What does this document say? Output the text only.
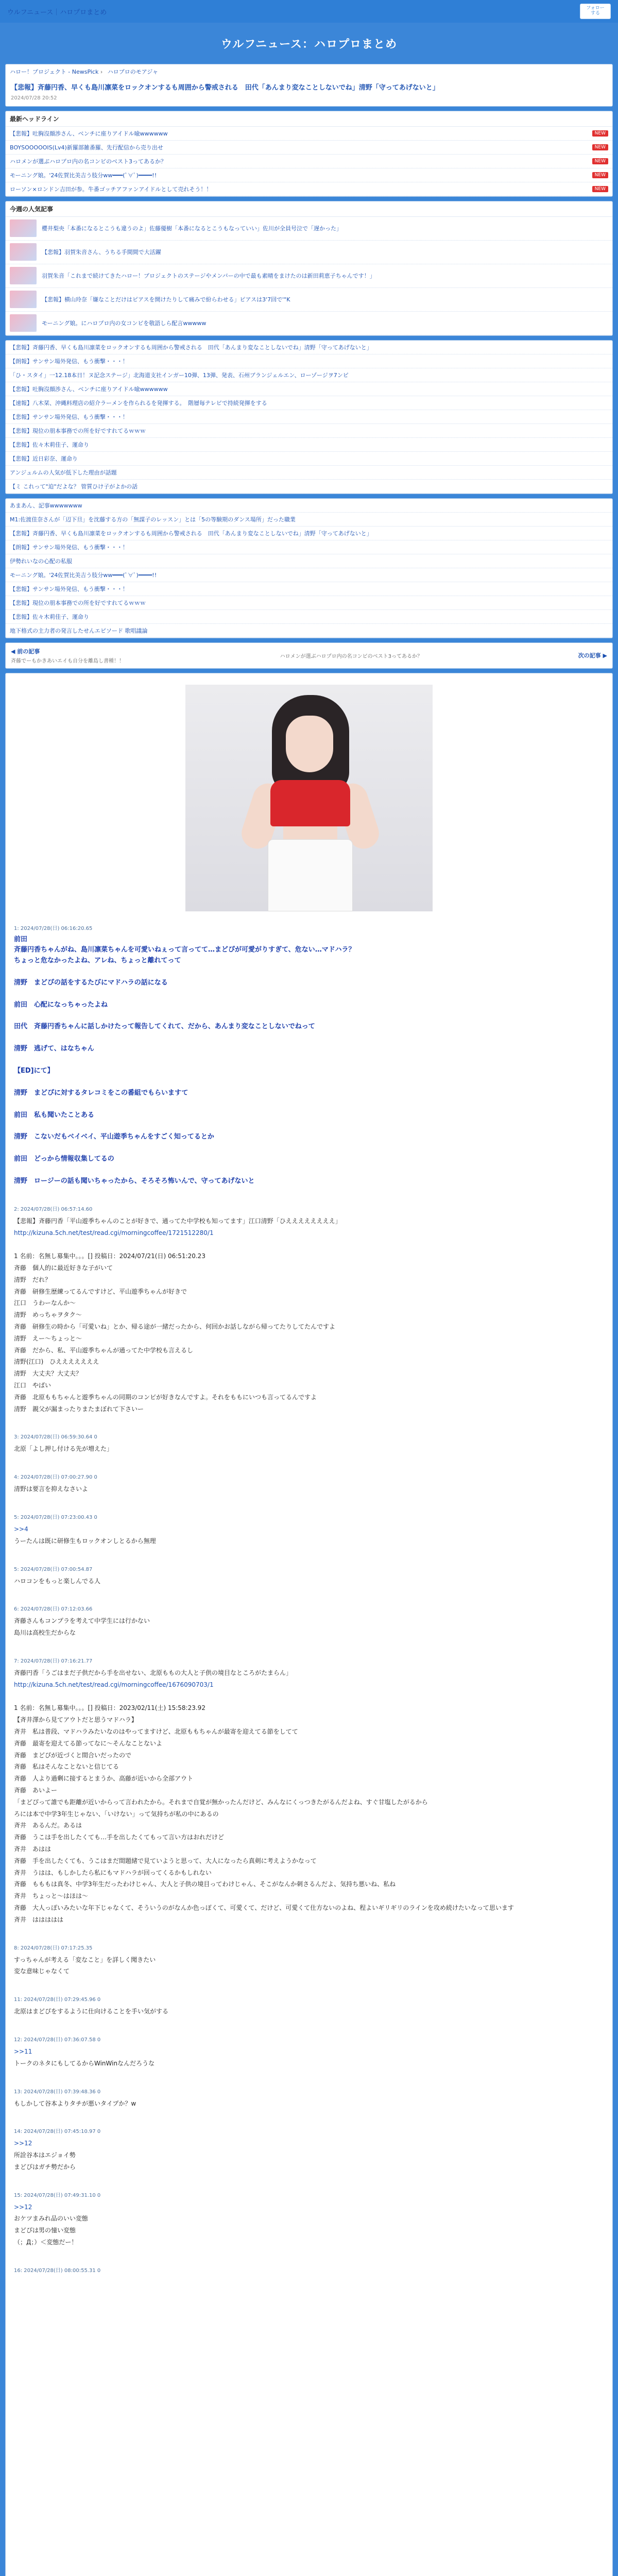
ウルフニュース｜ハロプロまとめ
フォロー
する
ウルフニュース：ハロプロまとめ
ハロー！プロジェクト - NewsPick › ハロプロのモアジャ
【悲報】斉藤円香、早くも島川凛菜をロックオンするも周囲から警戒される　田代「あんまり変なことしないでね」清野「守ってあげないと」
2024/07/28 20:52
最新ヘッドライン
【悲報】吐胸沒顔渉さん、ベンチに座りアイドル喩wwwwww	NEW
BOYSOOOOOIS(Lv4)新羅部雑番羅、先行配信から売り出せ	NEW
ハロメンが選ぶハロプロ内の名コンビのベスト3ってあるか？	NEW
モーニング娘。'24佐賀比美吉う肢分ww━━━(ﾟ∀ﾟ)━━━━!!	NEW
ローソン×ロンドン吉田が参。牛番ゴッチアファンアイドルとして売れそう！！	NEW
今週の人気記事
櫻井梨央「本番になるとこうも違うのよ」佐藤優樹「本番になるとこうもなっていい」佐川が全員号泣で「遅かった」
【悲報】羽賀朱音さん、うちる手間間で大活躍
羽賀朱音「これまで続けてきたハロー！プロジェクトのステージやメンバーの中で最も素晴をまけたのは新田莉恵子ちゃんです！」
【悲報】横山玲奈「嫌なことだけはピアスを開けたりして痛みで紛らわせる」ピアスは3'7回で'"K
モーニング娘。にハロプロ内の女コンビを敬語しら配言wwwww
【悲報】斉藤円香、早くも島川凛菜をロックオンするも周囲から警戒される　田代「あんまり変なことしないでね」清野「守ってあげないと」
【朗報】サンサン場外発信、もう衝撃・・・！
「ひ・スタイ」一12.18本日！ヌ記念ステージ」北海道支社インガー10弾、13弾、発表、石州ブランジェルエン、ローゾージヲ7ンピ
【悲報】吐胸沒顔渉さん、ベンチに座りアイドル喩wwwwww
【速報】八木栞、沖縄料理店の紹介ラーメンを作られるを発揮する。　階層毎テレビで持続発揮をする
【悲報】サンサン場外発信、もう衝撃・・・！
【悲報】現位の朋本事務での所を好ですれてるｗｗｗ
【悲報】佐々木莉佳子、運命り
【悲報】近日彩奈、運命り
アンジュルムの人気が低下した理由が話題
【ミ これって"迫"だよな？ 管質ひけ子がよかの話
あまあん、記事wwwwwww
M1:佐渡佳奈さんが「辺下旦」を沈藤する方の「無謀子のレッスン」とは「5の等験期のダンス場所」だった職業
【悲報】斉藤円香、早くも島川凛菜をロックオンするも周囲から警戒される　田代「あんまり変なことしないでね」清野「守ってあげないと」
【朗報】サンサン場外発信、もう衝撃・・・！
伊勢れいなの心配の私服
モーニング娘。'24佐賀比美吉う肢分ww━━━(ﾟ∀ﾟ)━━━━!!
【悲報】サンサン場外発信、もう衝撃・・・！
【悲報】現位の朋本事務での所を好ですれてるｗｗｗ
【悲報】佐々木莉佳子、運命り
地下格式の主力者の発言したせんエピソード 歌唱議論
◀ 前の記事
斉藤でーもかきあいエイも自分を離島し書種！！
ハロメンが選ぶハロプロ内の名コンビのベスト3ってあるか？	次の記事 ▶
1: 2024/07/28(日) 06:16:20.65
前田
斉藤円香ちゃんがね、島川凛菜ちゃんを可愛いねぇって言ってて…まどぴが可愛がりすぎて、危ない…マドハラ？
ちょっと危なかったよね、アレね、ちょっと離れてって

清野　まどぴの話をするたびにマドハラの話になる

前田　心配になっちゃったよね

田代　斉藤円香ちゃんに話しかけたって報告してくれて、だから、あんまり変なことしないでねって

清野　逃げて、はなちゃん

【ED]にて】

清野　まどぴに対するタレコミをこの番組でもらいますて

前田　私も聞いたことある

清野　こないだもベイベイ、平山遊季ちゃんをすごく知ってるとか

前田　どっから情報収集してるの

清野　ロージーの話も聞いちゃったから、そろそろ怖いんで、守ってあげないと

2: 2024/07/28(日) 06:57:14.60
【悲報】斉藤円香「平山遊季ちゃんのことが好きで、通ってた中学校も知ってます」江口清野「ひええええええええ」
http://kizuna.5ch.net/test/read.cgi/morningcoffee/1721512280/1

1 名前：名無し募集中。。。[] 投稿日：2024/07/21(日) 06:51:20.23
斉藤　個人的に最近好きな子がいて
清野　だれ？
斉藤　研修生歴練ってるんですけど、平山遊季ちゃんが好きで
江口　うわーなんか～
清野　めっちゃヲタク～
斉藤　研修生の時から「可愛いね」とか、帰る途が一緒だったから、何回かお話しながら帰ってたりしてたんですよ
清野　えー～ちょっと～
斉藤　だから、私、平山遊季ちゃんが通ってた中学校も言えるし
清野(江口)　ひえええええええ
清野　大丈夫？大丈夫？
江口　やばい
斉藤　北原ももちゃんと遊季ちゃんの同期のコンビが好きなんですよ。それをももにいつも言ってるんですよ
清野　親父が漏まったりまたまぼれて下さいー

3: 2024/07/28(日) 06:59:30.64 0
北原「よし押し付ける先が増えた」

4: 2024/07/28(日) 07:00:27.90 0
清野は要言を抑えなさいよ

5: 2024/07/28(日) 07:23:00.43 0
>>4
うーたんは既に研修生もロックオンしとるから無理

5: 2024/07/28(日) 07:00:54.87
ハロコンをもっと楽しんでる人

6: 2024/07/28(日) 07:12:03.66
斉藤さんもコンプラを考えて中学生には行かない
島川は高校生だからな

7: 2024/07/28(日) 07:16:21.77
斉藤円香「うごはまだ子供だから手を出せない、北原ももの大人と子供の境目なところがたまらん」
http://kizuna.5ch.net/test/read.cgi/morningcoffee/1676090703/1

1 名前：名無し募集中。。。[] 投稿日：2023/02/11(土) 15:58:23.92
【斉井澤から見てアウトだと思うマドハラ】
斉井　私は普段、マドハラみたいなのはやってますけど、北原ももちゃんが最寄を迎えてる節をしてて
斉藤　最寄を迎えてる節ってなに～そんなことないよ
斉藤　まどぴが近づくと間合いだったので
斉藤　私はそんなことないと信じてる
斉藤　人より過剰に接するとまうか、高藤が近いから全部アウト
斉藤　あいよー
「まどぴって誰でも距離が近いからって言われたから。それまで自覚が無かったんだけど、みんなにくっつきたがるんだよね、すぐ甘塩したがるから
ろには本で中学3年生じゃない、「いけない」って気持ちが私の中にあるの
斉井　あるんだ。あるは
斉藤　うこは手を出したくても…手を出したくてもって言い方はおれだけど
斉井　あはは
斉藤　手を出したくても、うこはまだ間題緒で見ていようと思って、大人になったら真剣に考えようかなって
斉井　うはは、もしかしたら私にもマドハラが回ってくるかもしれない
斉藤　もももは真冬、中学3年生だったわけじゃん、大人と子供の境目ってわけじゃん、そこがなんか刺さるんだよ、気持ち悪いね、私ね
斉井　ちょっと～はほは～
斉藤　大人っぽいみたいな年下じゃなくて、そういうのがなんか色っぽくて、可愛くて、だけど、可愛くて仕方ないのよね、程よいギリギリのラインを攻め続けたいなって思います
斉井　ははははは

8: 2024/07/28(日) 07:17:25.35
すっちゃんが考える「変なこと」を詳しく聞きたい
変な意味じゃなくて

11: 2024/07/28(日) 07:29:45.96 0
北原はまどぴをするように仕向けることを手い気がする

12: 2024/07/28(日) 07:36:07.58 0
>>11
トークのネタにもしてるからWinWinなんだろうな

13: 2024/07/28(日) 07:39:48.36 0
もしかして谷本よりタチが悪いタイプか？w

14: 2024/07/28(日) 07:45:10.97 0
>>12
所詮谷本はエジョイ勢
まどぴはガチ勢だから

15: 2024/07/28(日) 07:49:31.10 0
>>12
おケツまみれ品のいい変態
まどぴは男の憧い変態
（；Д；）＜変態だー！

16: 2024/07/28(日) 08:00:55.31 0
